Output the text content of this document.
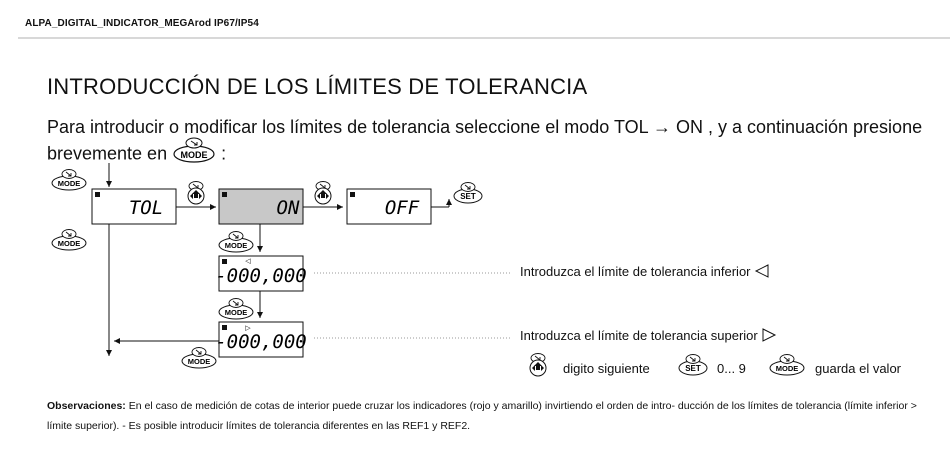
ALPA_DIGITAL_INDICATOR_MEGArod IP67/IP54
INTRODUCCIÓN DE LOS LÍMITES DE TOLERANCIA
Para introducir o modificar los límites de tolerancia seleccione el modo TOL → ON , y a continuación presione brevemente en MODE :
MODE
MODE
TOL	ON	OFF
SET
MODE
◁
-000,000
MODE
▷
-000,000
MODE
SET	MODE
Introduzca el límite de tolerancia inferior
Introduzca el límite de tolerancia superior
digito siguiente	0... 9	guarda el valor
Observaciones: En el caso de medición de cotas de interior puede cruzar los indicadores (rojo y amarillo) invirtiendo el orden de intro- ducción de los límites de tolerancia (límite inferior > límite superior). - Es posible introducir límites de tolerancia diferentes en las REF1 y REF2.
